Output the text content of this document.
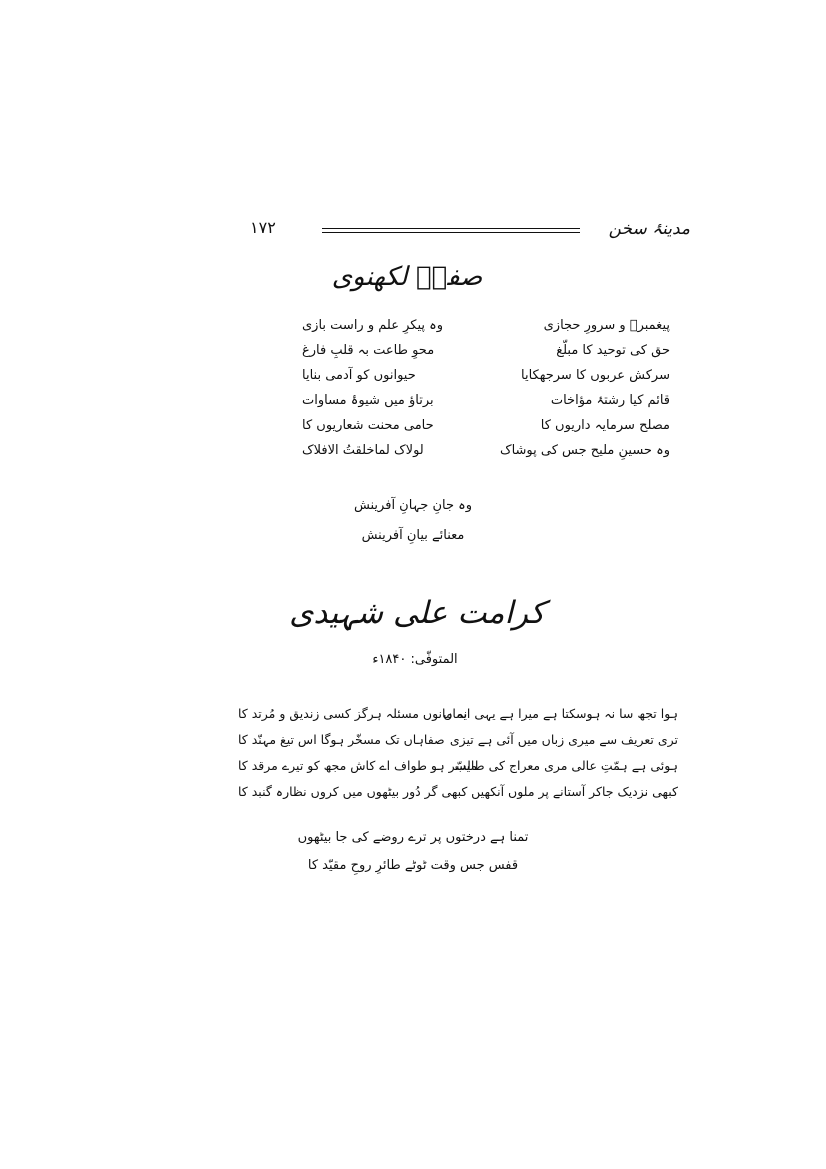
۱۷۲	مدینۂ سخن
صفیؔ لکھنوی
پیغمبرؐ و سرورِ حجازی
وہ پیکرِ علم و راست بازی
حق کی توحید کا مبلّغ
محوِ طاعت بہ قلبِ فارغ
سرکش عربوں کا سرجھکایا
حیوانوں کو آدمی بنایا
قائم کیا رشتۂ مؤاخات
برتاؤ میں شیوۂ مساوات
مصلح سرمایہ داریوں کا
حامی محنت شعاریوں کا
وہ حسینِ ملیح جس کی پوشاک
لولاک لماخلقتُ الافلاک
وہ جانِ جہانِ آفرینش
معنائے بیانِ آفرینش
کرامت علی شہیدی
المتوفّی: ۱۸۴۰ء
ہوا تجھ سا نہ ہوسکتا ہے میرا ہے یہی ایماں
نہ مانوں مسئلہ ہرگز کسی زندیق و مُرتد کا
تری تعریف سے میری زباں میں آئی ہے تیزی
صفاہاں تک مسخّر ہوگا اس تیغ مہنّد کا
ہوئی ہے ہمّتِ عالی مری معراج کی طالب
میسّر ہو طواف اے کاش مجھ کو تیرے مرقد کا
کبھی نزدیک جاکر آستانے پر ملوں آنکھیں
کبھی گر دُور بیٹھوں میں کروں نظارہ گنبد کا
تمنا ہے درختوں پر ترے روضے کی جا بیٹھوں
قفس جس وقت ٹوٹے طائرِ روحِ مقیّد کا
